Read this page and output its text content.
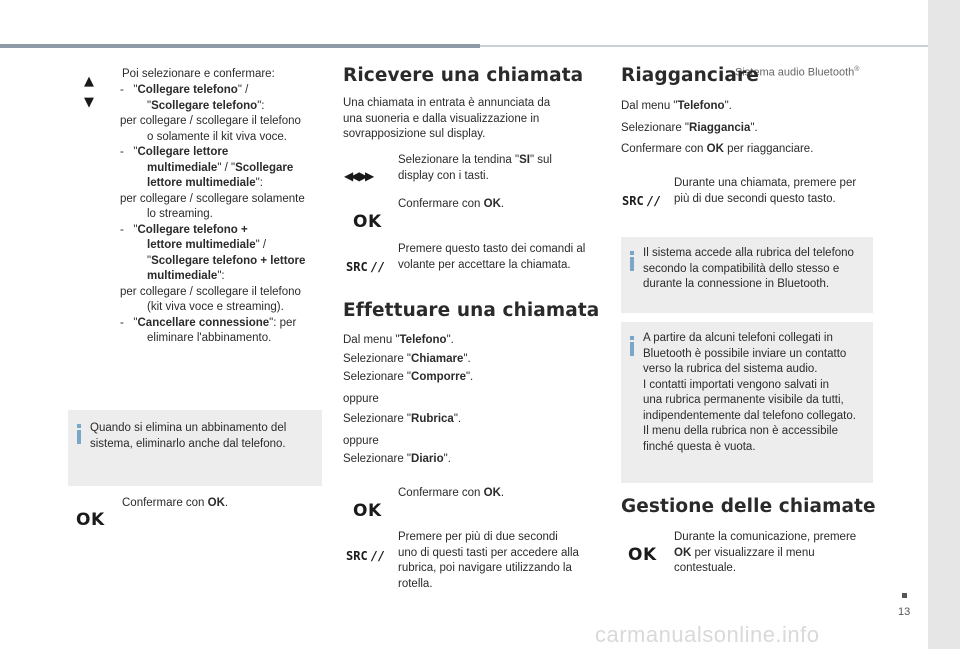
Sistema audio Bluetooth®
▲
▼
Poi selezionare e confermare:
-   "Collegare telefono" /
"Scollegare telefono":
per collegare / scollegare il telefono
o solamente il kit viva voce.
-   "Collegare lettore
multimediale" / "Scollegare
lettore multimediale":
per collegare / scollegare solamente
lo streaming.
-   "Collegare telefono +
lettore multimediale" /
"Scollegare telefono + lettore
multimediale":
per collegare / scollegare il telefono
(kit viva voce e streaming).
-   "Cancellare connessione": per
eliminare l'abbinamento.
Quando si elimina un abbinamento del
sistema, eliminarlo anche dal telefono.
OK
Confermare con OK.
Ricevere una chiamata
Una chiamata in entrata è annunciata da
una suoneria e dalla visualizzazione in
sovrapposizione sul display.
◀◀ ▶▶
Selezionare la tendina "SI" sul
display con i tasti.
OK
Confermare con OK.
SRC //
Premere questo tasto dei comandi al
volante per accettare la chiamata.
Effettuare una chiamata
Dal menu "Telefono".
Selezionare "Chiamare".
Selezionare "Comporre".
oppure
Selezionare "Rubrica".
oppure
Selezionare "Diario".
OK
Confermare con OK.
SRC //
Premere per più di due secondi
uno di questi tasti per accedere alla
rubrica, poi navigare utilizzando la
rotella.
Riagganciare
Dal menu "Telefono".
Selezionare "Riaggancia".
Confermare con OK per riagganciare.
SRC //
Durante una chiamata, premere per
più di due secondi questo tasto.
Il sistema accede alla rubrica del telefono
secondo la compatibilità dello stesso e
durante la connessione in Bluetooth.
A partire da alcuni telefoni collegati in
Bluetooth è possibile inviare un contatto
verso la rubrica del sistema audio.
I contatti importati vengono salvati in
una rubrica permanente visibile da tutti,
indipendentemente dal telefono collegato.
Il menu della rubrica non è accessibile
finché questa è vuota.
Gestione delle chiamate
OK
Durante la comunicazione, premere
OK per visualizzare il menu
contestuale.
13
carmanualsonline.info
